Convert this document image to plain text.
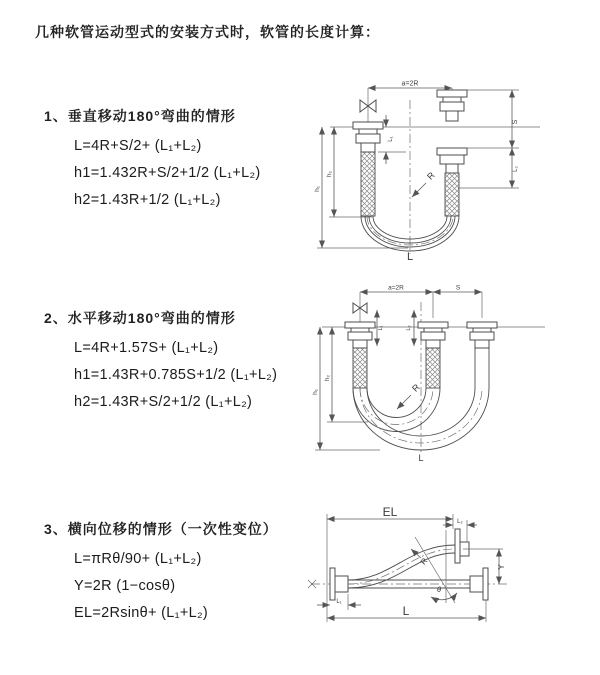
几种软管运动型式的安装方式时，软管的长度计算：
1、垂直移动180°弯曲的情形
L=4R+S/2+ (L₁+L₂)
h1=1.432R+S/2+1/2 (L₁+L₂)
h2=1.43R+1/2 (L₁+L₂)
a=2R
S
L₂
h₁
h₂
L₁
R
L
2、水平移动180°弯曲的情形
L=4R+1.57S+ (L₁+L₂)
h1=1.43R+0.785S+1/2 (L₁+L₂)
h2=1.43R+S/2+1/2 (L₁+L₂)
a=2R	S
L₁	L₂
h₁
h₂
R
L
3、横向位移的情形（一次性变位）
L=πRθ/90+ (L₁+L₂)
Y=2R (1−cosθ)
EL=2Rsinθ+ (L₁+L₂)
θ
R
EL
L₂
Y
L₁
L
